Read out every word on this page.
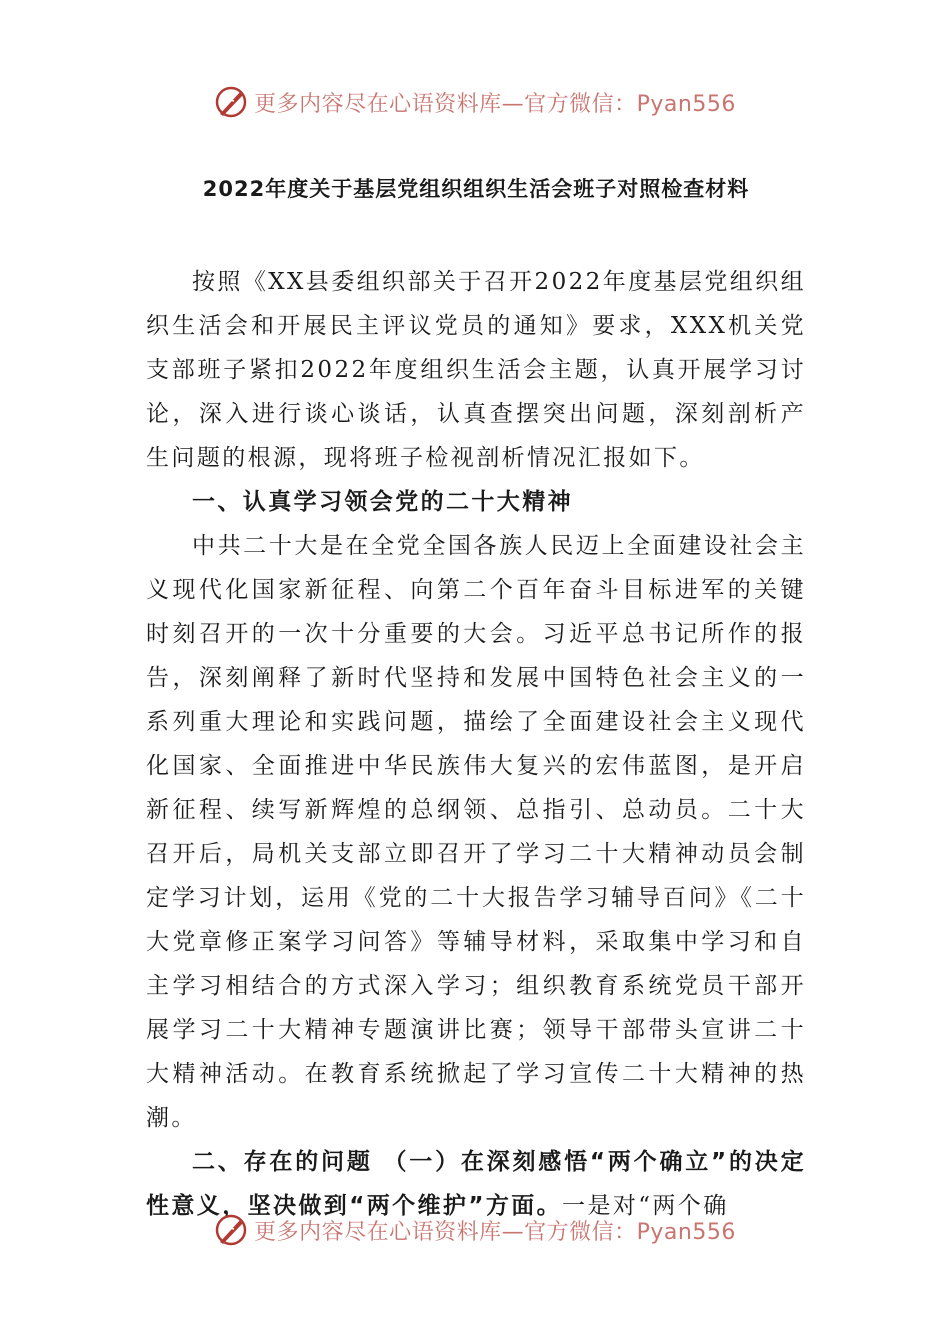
更多内容尽在心语资料库—官方微信：Pyan556
2022年度关于基层党组织组织生活会班子对照检查材料

按照《XX县委组织部关于召开2022年度基层党组织组织生活会和开展民主评议党员的通知》要求，XXX机关党支部班子紧扣2022年度组织生活会主题，认真开展学习讨论，深入进行谈心谈话，认真查摆突出问题，深刻剖析产生问题的根源，现将班子检视剖析情况汇报如下。

一、认真学习领会党的二十大精神

中共二十大是在全党全国各族人民迈上全面建设社会主义现代化国家新征程、向第二个百年奋斗目标进军的关键时刻召开的一次十分重要的大会。习近平总书记所作的报告，深刻阐释了新时代坚持和发展中国特色社会主义的一系列重大理论和实践问题，描绘了全面建设社会主义现代化国家、全面推进中华民族伟大复兴的宏伟蓝图，是开启新征程、续写新辉煌的总纲领、总指引、总动员。二十大召开后，局机关支部立即召开了学习二十大精神动员会制定学习计划，运用《党的二十大报告学习辅导百问》《二十大党章修正案学习问答》等辅导材料，采取集中学习和自主学习相结合的方式深入学习；组织教育系统党员干部开展学习二十大精神专题演讲比赛；领导干部带头宣讲二十大精神活动。在教育系统掀起了学习宣传二十大精神的热潮。

二、存在的问题 （一）在深刻感悟“两个确立”的决定性意义，坚决做到“两个维护”方面。一是对“两个确

更多内容尽在心语资料库—官方微信：Pyan556
